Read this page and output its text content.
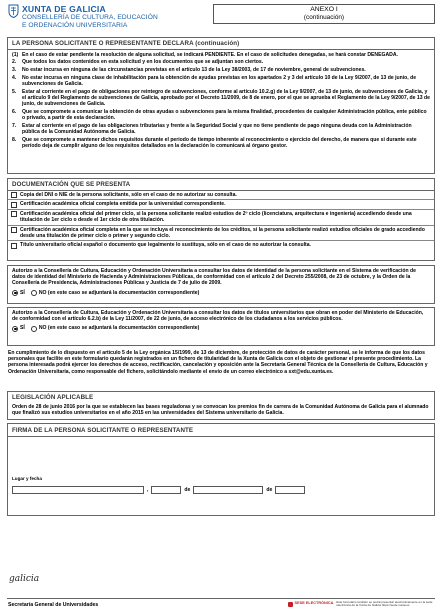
XUNTA DE GALICIA
CONSELLERÍA DE CULTURA, EDUCACIÓN
E ORDENACIÓN UNIVERSITARIA
ANEXO I
(continuación)
LA PERSONA SOLICITANTE O REPRESENTANTE DECLARA (continuación)
(1) En el caso de estar pendiente la resolución de alguna solicitud, se indicará PENDIENTE. En el caso de solicitudes denegadas, se hará constar DENEGADA.
2.	Que todos los datos contenidos en esta solicitud y en los documentos que se adjuntan son ciertos.
3.	No estar incursa en ninguna de las circunstancias previstas en el artículo 13 de la Ley 38/2003, de 17 de noviembre, general de subvenciones.
4.	No estar incursa en ninguna clase de inhabilitación para la obtención de ayudas previstas en los apartados 2 y 3 del artículo 10 de la Ley 9/2007, de 13 de junio, de subvenciones de Galicia.
5.	Estar al corriente en el pago de obligaciones por reintegro de subvenciones, conforme al artículo 10.2.g) de la Ley 9/2007, de 13 de junio, de subvenciones de Galicia, y el artículo 9 del Reglamento de subvenciones de Galicia, aprobado por el Decreto 11/2009, de 8 de enero, por el que se aprueba el Reglamento de la Ley 9/2007, de 13 de junio, de subvenciones de Galicia.
6.	Que se compromete a comunicar la obtención de otras ayudas o subvenciones para la misma finalidad, procedentes de cualquier Administración pública, ente público o privado, a partir de esta declaración.
7.	Estar al corriente en el pago de las obligaciones tributarias y frente a la Seguridad Social y que no tiene pendiente de pago ninguna deuda con la Administración pública de la Comunidad Autónoma de Galicia.
8.	Que se compromete a mantener dichos requisitos durante el periodo de tiempo inherente al reconocimiento o ejercicio del derecho, de manera que si durante este período deja de cumplir alguno de los requisitos detallados en la declaración lo comunicará al órgano gestor.
DOCUMENTACIÓN QUE SE PRESENTA
Copia del DNI o NIE de la persona solicitante, sólo en el caso de no autorizar su consulta.
Certificación académica oficial completa emitida por la universidad correspondiente.
Certificación académica oficial del primer ciclo, si la persona solicitante realizó estudios de 2º ciclo (licenciatura, arquitectura e ingeniería) accediendo desde una titulación de 1er ciclo o desde el 1er ciclo de otra titulación.
Certificación académica oficial completa en la que se incluya el reconocimiento de los créditos, si la persona solicitante realizó estudios oficiales de grado accediendo desde una titulación de primer ciclo o primer y segundo ciclo.
Título universitario oficial español o documento que legalmente lo sustituya, sólo en el caso de no autorizar la consulta.
Autorizo a la Consellería de Cultura, Educación y Ordenación Universitaria a consultar los datos de identidad de la persona solicitante en el Sistema de verificación de datos de identidad del Ministerio de Hacienda y Administraciones Públicas, de conformidad con el artículo 2 del Decreto 255/2008, de 23 de octubre, y la Orden de la Consellería de Presidencia, Administraciones Públicas y Justicia de 7 de julio de 2009.
SÍ	NO (en este caso se adjuntará la documentación correspondiente)
Autorizo a la Consellería de Cultura, Educación y Ordenación Universitaria a consultar los datos de títulos universitarios que obran en poder del Ministerio de Educación, de conformidad con el artículo 6.2.b) de la Ley 11/2007, de 22 de junio, de acceso electrónico de los ciudadanos a los servicios públicos.
SÍ	NO (en este caso se adjuntará la documentación correspondiente)
En cumplimiento de lo dispuesto en el artículo 5 de la Ley orgánica 15/1999, de 13 de diciembre, de protección de datos de carácter personal, se le informa de que los datos personales que facilite en este formulario quedarán registrados en un fichero de titularidad de la Xunta de Galicia con el objeto de gestionar el presente procedimiento. La persona interesada podrá ejercer los derechos de acceso, rectificación, cancelación y oposición ante la Secretaría General Técnica de la Consellería de Cultura, Educación y Ordenación Universitaria, como responsable del fichero, solicitándolo mediante el envío de un correo electrónico a sxt@edu.xunta.es.
LEGISLACIÓN APLICABLE
Orden de 28 de junio 2016 por la que se establecen las bases reguladoras y se convocan los premios fin de carrera de la Comunidad Autónoma de Galicia para el alumnado que finalizó sus estudios universitarios en el año 2015 en las universidades del Sistema universitario de Galicia.
FIRMA DE LA PERSONA SOLICITANTE O REPRESENTANTE
Lugar y fecha
,	de	de
galicia
Secretaría General de Universidades	SEDE ELECTRÓNICA Este formulario también se podrá presentar electrónicamente en la sede electrónica de la Xunta de Galicia https://sede.xunta.es
